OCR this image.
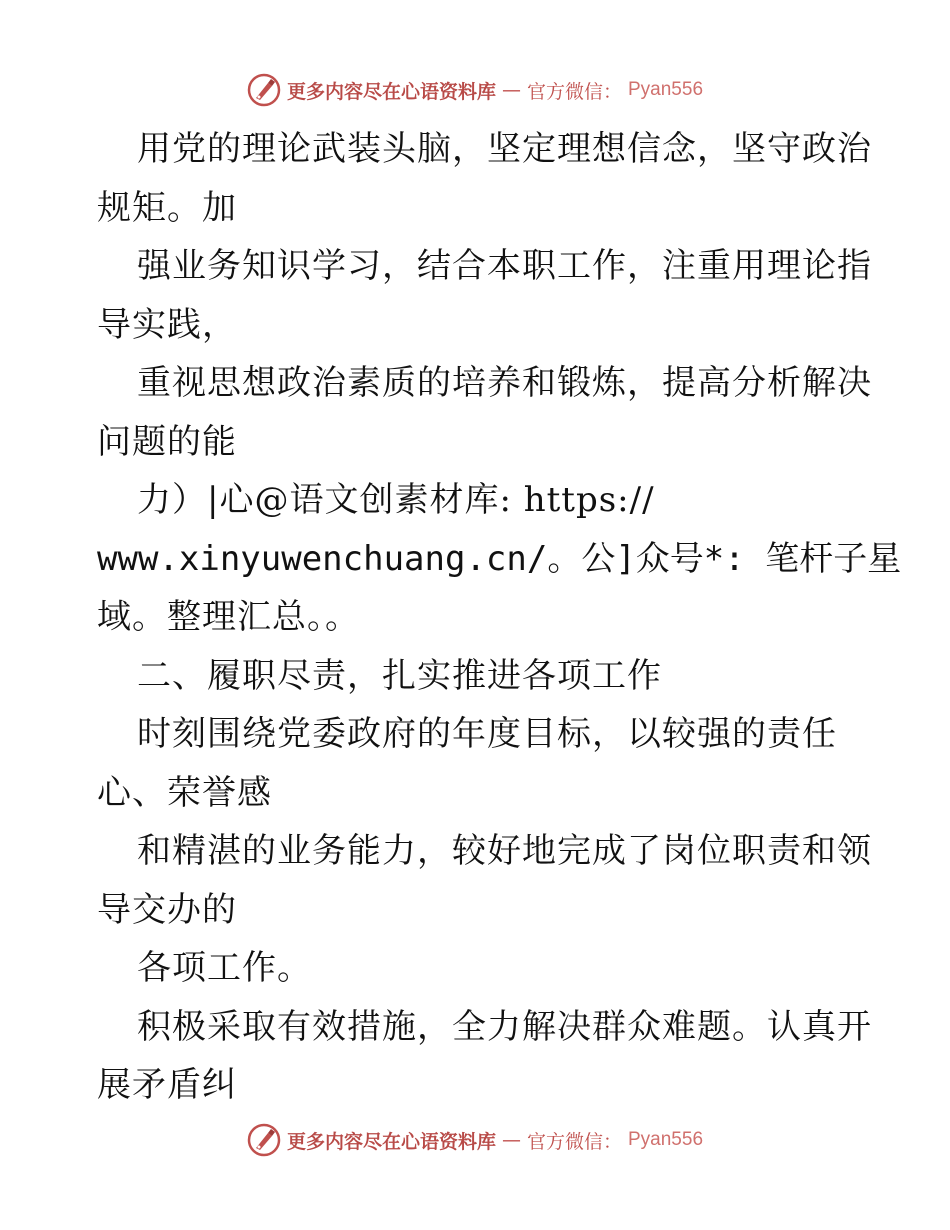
更多内容尽在心语资料库 — 官方微信： Pyan556
用党的理论武装头脑，坚定理想信念，坚守政治
规矩。加
强业务知识学习，结合本职工作，注重用理论指
导实践，
重视思想政治素质的培养和锻炼，提高分析解决
问题的能
力）|心@语文创素材库: https://
www.xinyuwenchuang.cn/。公]众号*: 笔杆子星
域。整理汇总。。
二、履职尽责，扎实推进各项工作
时刻围绕党委政府的年度目标，以较强的责任
心、荣誉感
和精湛的业务能力，较好地完成了岗位职责和领
导交办的
各项工作。
积极采取有效措施，全力解决群众难题。认真开
展矛盾纠
更多内容尽在心语资料库 — 官方微信： Pyan556
